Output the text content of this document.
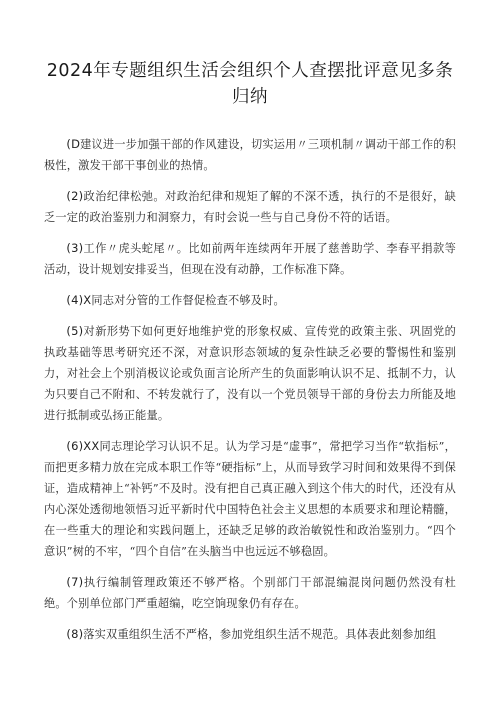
2024年专题组织生活会组织个人查摆批评意见多条归纳

(D建议进一步加强干部的作风建设，切实运用〃三项机制〃调动干部工作的积极性，激发干部干事创业的热情。

(2)政治纪律松弛。对政治纪律和规矩了解的不深不透，执行的不是很好，缺乏一定的政治鉴别力和洞察力，有时会说一些与自己身份不符的话语。

(3)工作〃虎头蛇尾〃。比如前两年连续两年开展了慈善助学、李春平捐款等活动，设计规划安排妥当，但现在没有动静，工作标准下降。

(4)X同志对分管的工作督促检查不够及时。

(5)对新形势下如何更好地维护党的形象权威、宣传党的政策主张、巩固党的执政基础等思考研究还不深，对意识形态领域的复杂性缺乏必要的警惕性和鉴别力，对社会上个别消极议论或负面言论所产生的负面影响认识不足、抵制不力，认为只要自己不附和、不转发就行了，没有以一个党员领导干部的身份去力所能及地进行抵制或弘扬正能量。

(6)XX同志理论学习认识不足。认为学习是“虚事”，常把学习当作“软指标”，而把更多精力放在完成本职工作等“硬指标”上，从而导致学习时间和效果得不到保证，造成精神上“补钙”不及时。没有把自己真正融入到这个伟大的时代，还没有从内心深处透彻地领悟习近平新时代中国特色社会主义思想的本质要求和理论精髓，在一些重大的理论和实践问题上，还缺乏足够的政治敏锐性和政治鉴别力。“四个意识”树的不牢，“四个自信”在头脑当中也远远不够稳固。

(7)执行编制管理政策还不够严格。个别部门干部混编混岗问题仍然没有杜绝。个别单位部门严重超编，吃空饷现象仍有存在。

(8)落实双重组织生活不严格，参加党组织生活不规范。具体表此刻参加组
